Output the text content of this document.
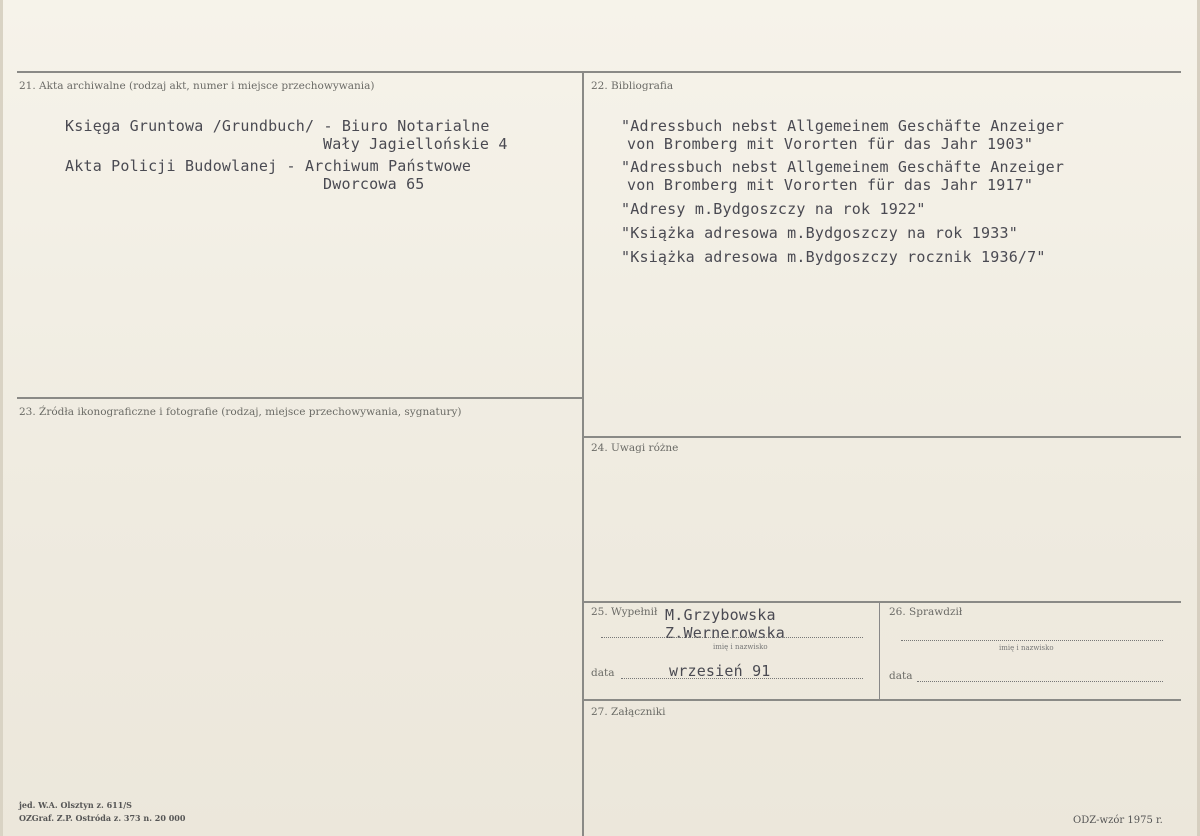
21. Akta archiwalne (rodzaj akt, numer i miejsce przechowywania)
Księga Gruntowa /Grundbuch/ - Biuro Notarialne
Wały Jagiellońskie 4
Akta Policji Budowlanej - Archiwum Państwowe
Dworcowa 65
22. Bibliografia
"Adressbuch nebst Allgemeinem Geschäfte Anzeiger
von Bromberg mit Vororten für das Jahr 1903"
"Adressbuch nebst Allgemeinem Geschäfte Anzeiger
von Bromberg mit Vororten für das Jahr 1917"
"Adresy m.Bydgoszczy na rok 1922"
"Książka adresowa m.Bydgoszczy na rok 1933"
"Książka adresowa m.Bydgoszczy rocznik 1936/7"
23. Źródła ikonograficzne i fotografie (rodzaj, miejsce przechowywania, sygnatury)
24. Uwagi różne
25. Wypełnił M.Grzybowska
Z.Wernerowska
imię i nazwisko
data	wrzesień 91
26. Sprawdził
imię i nazwisko
data
27. Załączniki
jed. W.A. Olsztyn z. 611/S
OZGraf. Z.P. Ostróda z. 373 n. 20 000	ODZ-wzór 1975 r.
